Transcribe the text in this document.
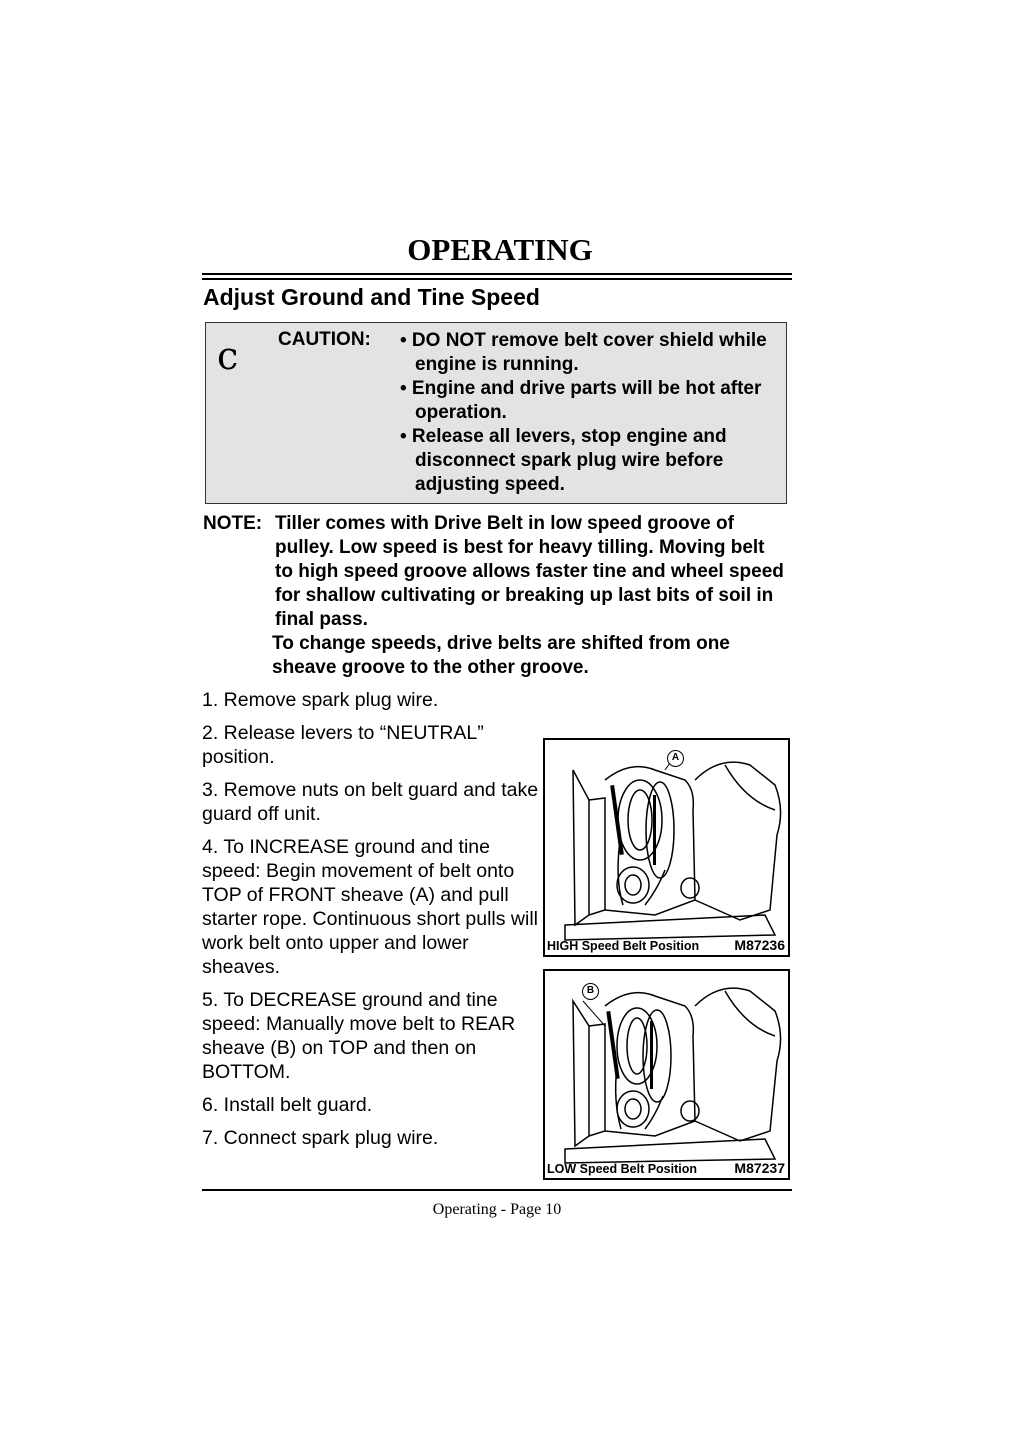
OPERATING
Adjust Ground and Tine Speed
c CAUTION: • DO NOT remove belt cover shield while engine is running.
• Engine and drive parts will be hot after operation.
• Release all levers, stop engine and disconnect spark plug wire before adjusting speed.
NOTE: Tiller comes with Drive Belt in low speed groove of pulley. Low speed is best for heavy tilling. Moving belt to high speed groove allows faster tine and wheel speed for shallow cultivating or breaking up last bits of soil in final pass.
To change speeds, drive belts are shifted from one sheave groove to the other groove.

1. Remove spark plug wire.

2. Release levers to “NEUTRAL” position.

3. Remove nuts on belt guard and take guard off unit.

4. To INCREASE ground and tine speed: Begin movement of belt onto TOP of FRONT sheave (A) and pull starter rope. Continuous short pulls will work belt onto upper and lower sheaves.

5. To DECREASE ground and tine speed: Manually move belt to REAR sheave (B) on TOP and then on BOTTOM.

6. Install belt guard.

7. Connect spark plug wire.

A
HIGH Speed Belt Position	M87236
B
LOW Speed Belt Position	M87237
Operating - Page 10
